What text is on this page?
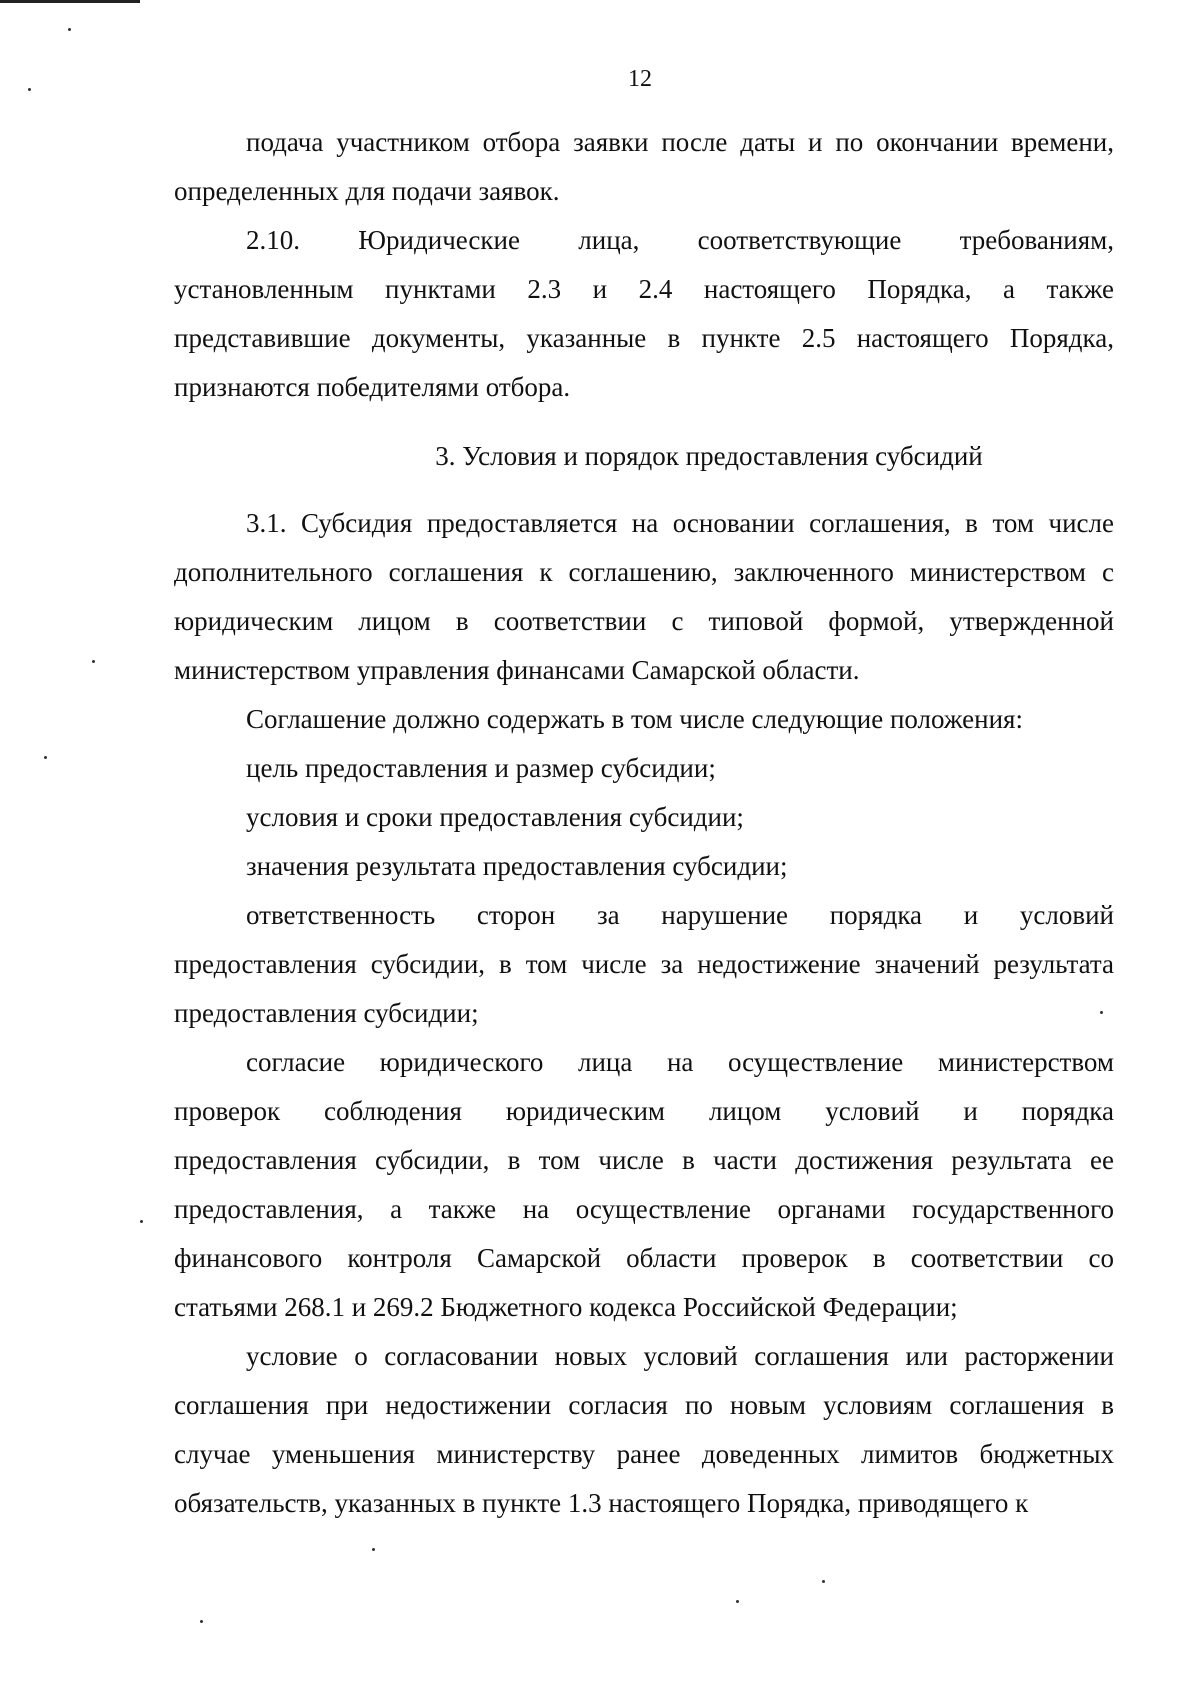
12
подача участником отбора заявки после даты и по окончании времени,
определенных для подачи заявок.
2.10. Юридические лица, соответствующие требованиям,
установленным пунктами 2.3 и 2.4 настоящего Порядка, а также
представившие документы, указанные в пункте 2.5 настоящего Порядка,
признаются победителями отбора.
3. Условия и порядок предоставления субсидий
3.1. Субсидия предоставляется на основании соглашения, в том числе
дополнительного соглашения к соглашению, заключенного министерством с
юридическим лицом в соответствии с типовой формой, утвержденной
министерством управления финансами Самарской области.
Соглашение должно содержать в том числе следующие положения:
цель предоставления и размер субсидии;
условия и сроки предоставления субсидии;
значения результата предоставления субсидии;
ответственность сторон за нарушение порядка и условий
предоставления субсидии, в том числе за недостижение значений результата
предоставления субсидии;
согласие юридического лица на осуществление министерством
проверок соблюдения юридическим лицом условий и порядка
предоставления субсидии, в том числе в части достижения результата ее
предоставления, а также на осуществление органами государственного
финансового контроля Самарской области проверок в соответствии со
статьями 268.1 и 269.2 Бюджетного кодекса Российской Федерации;
условие о согласовании новых условий соглашения или расторжении
соглашения при недостижении согласия по новым условиям соглашения в
случае уменьшения министерству ранее доведенных лимитов бюджетных
обязательств, указанных в пункте 1.3 настоящего Порядка, приводящего к
